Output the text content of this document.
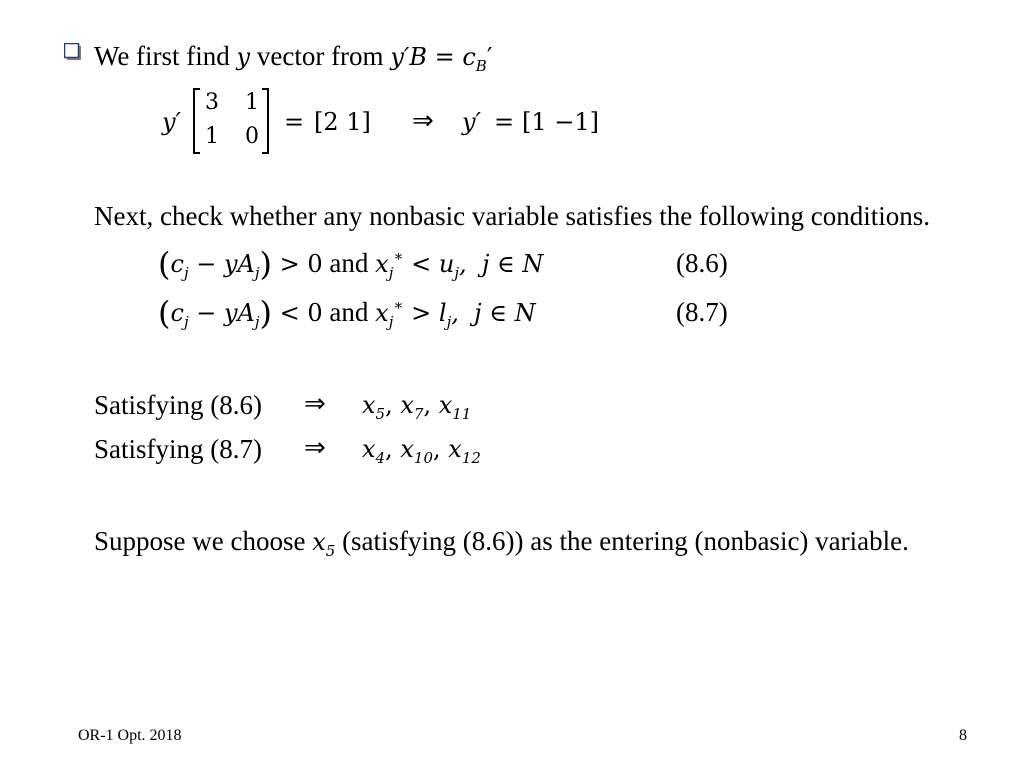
We first find y vector from $y'B = c_B'$
y′
3 1
1 0
= [2 1] ⇒ y′ = [1 −1]
Next, check whether any nonbasic variable satisfies the following conditions.
$(c_j - yA_j) > 0$ and $x_j^∗ < u_j$,  j ∈ N	(8.6)
$(c_j - yA_j) < 0$ and $x_j^∗ > l_j$,  j ∈ N	(8.7)
Satisfying (8.6) ⇒ $x_5$, $x_7$, $x_{11}$
Satisfying (8.7) ⇒ $x_4$, $x_{10}$, $x_{12}$
Suppose we choose $x_5$ (satisfying (8.6)) as the entering (nonbasic) variable.
OR-1 Opt. 2018	8
